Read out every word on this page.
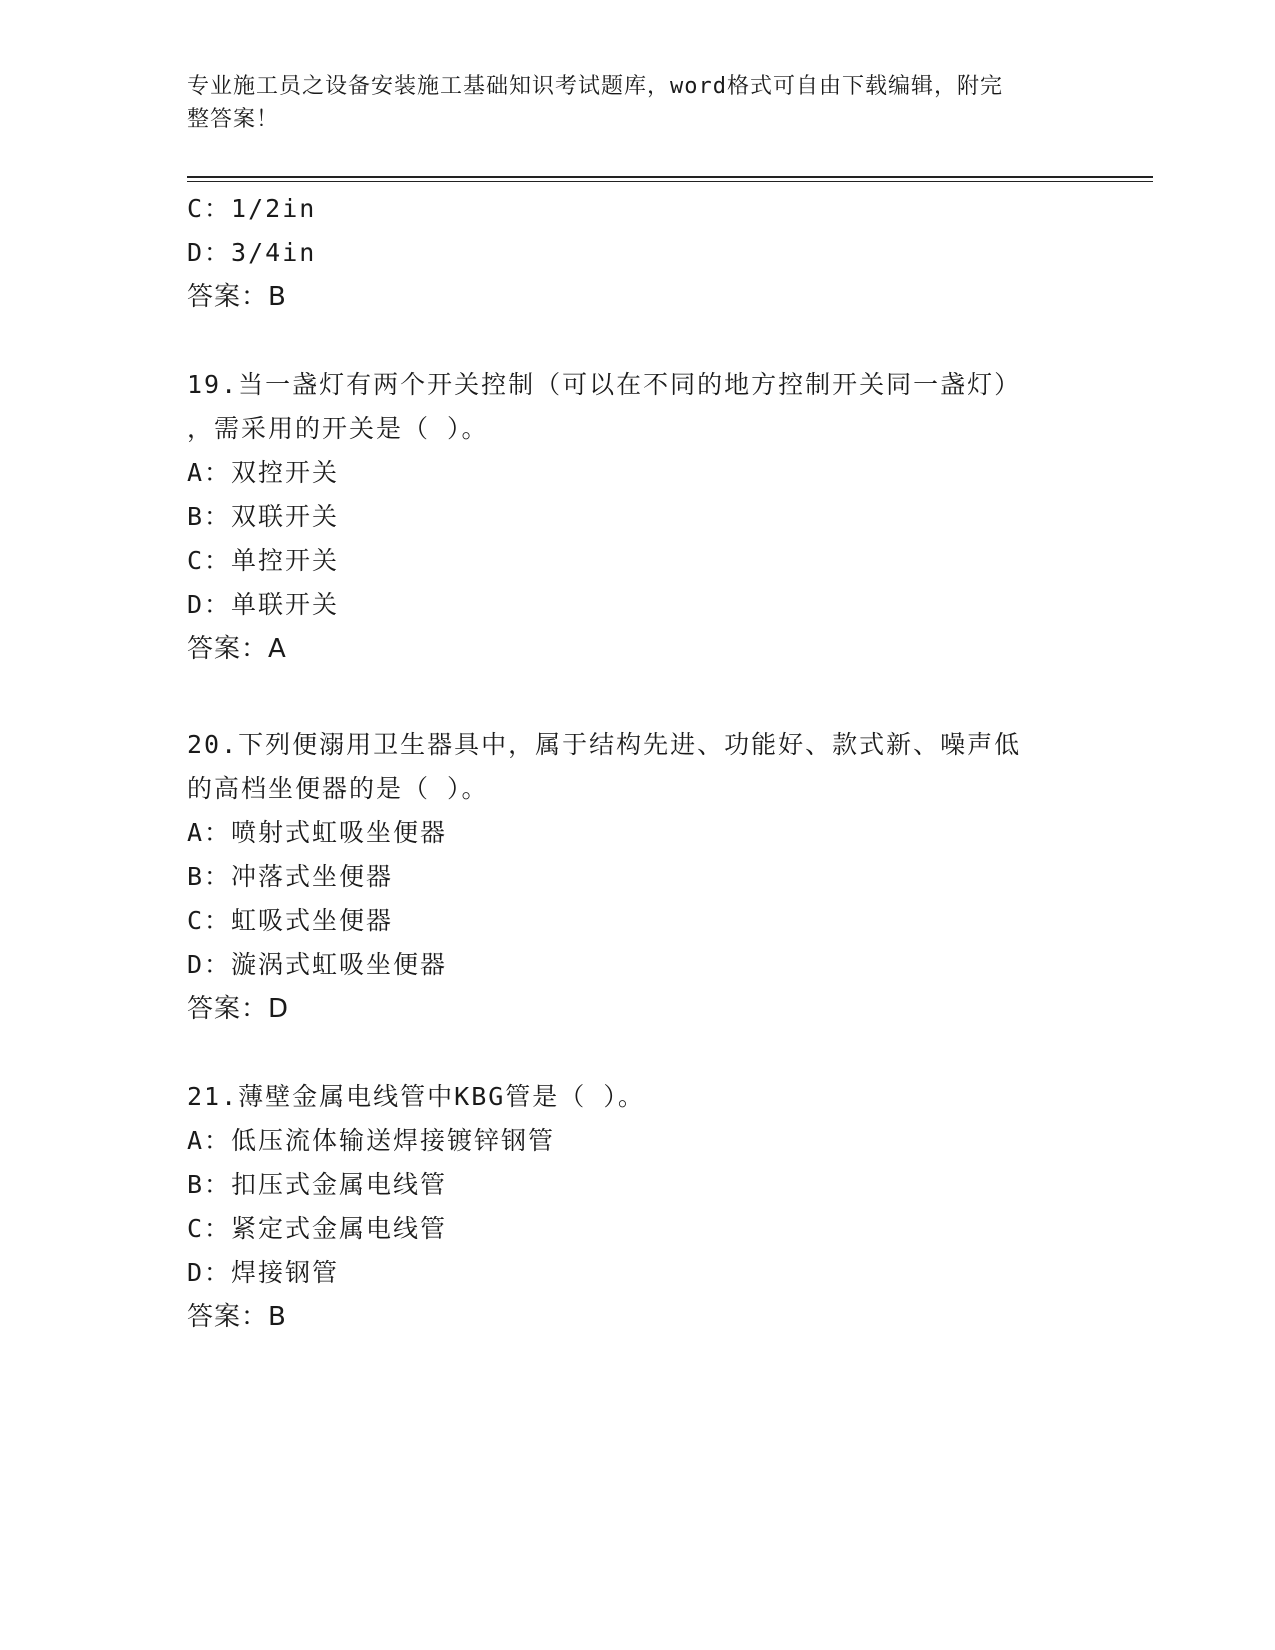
专业施工员之设备安装施工基础知识考试题库，word格式可自由下载编辑，附完
整答案！
C：1/2in
D：3/4in
答案：B
19.当一盏灯有两个开关控制（可以在不同的地方控制开关同一盏灯）
，需采用的开关是（ ）。
A：双控开关
B：双联开关
C：单控开关
D：单联开关
答案：A
20.下列便溺用卫生器具中，属于结构先进、功能好、款式新、噪声低
的高档坐便器的是（ ）。
A：喷射式虹吸坐便器
B：冲落式坐便器
C：虹吸式坐便器
D：漩涡式虹吸坐便器
答案：D
21.薄壁金属电线管中KBG管是（ ）。
A：低压流体输送焊接镀锌钢管
B：扣压式金属电线管
C：紧定式金属电线管
D：焊接钢管
答案：B
